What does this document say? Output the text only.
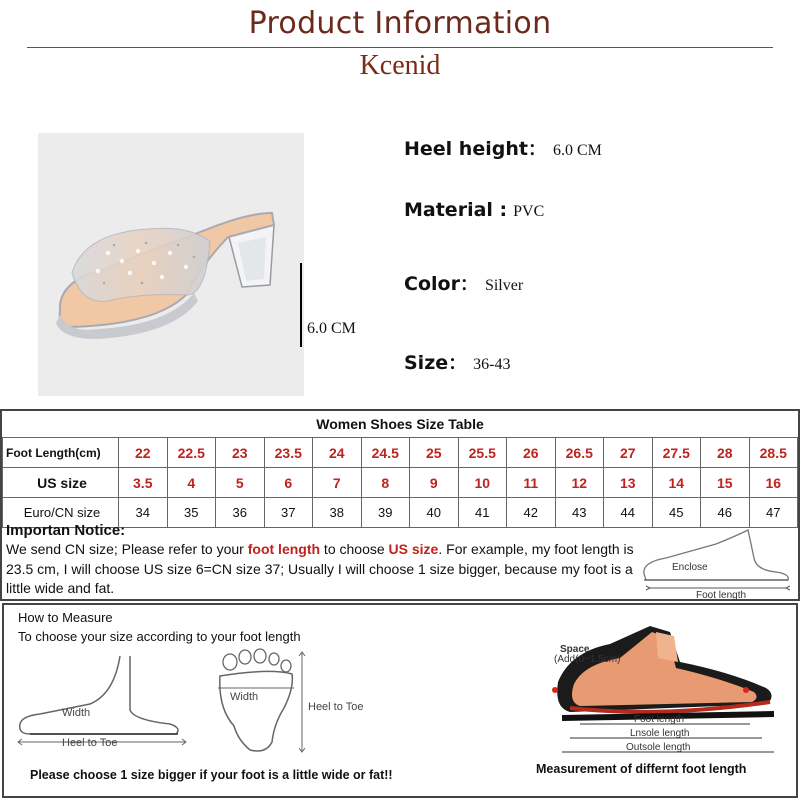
Product Information
Kcenid
6.0 CM
Heel height： 6.0 CM
Material : PVC
Color： Silver
Size： 36-43
Women Shoes Size Table
Foot Length(cm)	22	22.5	23	23.5	24	24.5	25	25.5	26	26.5	27	27.5	28	28.5
US size	3.5	4	5	6	7	8	9	10	11	12	13	14	15	16
Euro/CN size	34	35	36	37	38	39	40	41	42	43	44	45	46	47
Importan Notice:
We send CN size; Please refer to your foot length to choose US size. For example, my foot length is 23.5 cm, I will choose US size 6=CN size 37; Usually I will choose 1 size bigger, because my foot is a little wide and fat.
Enclose
Foot length
How to Measure
To choose your size according to your foot length
Width
Heel to Toe
Width
Heel to Toe
Space
(Add(0~1.5cm)
Foot length
Lnsole length
Outsole length
Measurement of differnt foot length
Please choose 1 size bigger if your foot is a little wide or fat!!
